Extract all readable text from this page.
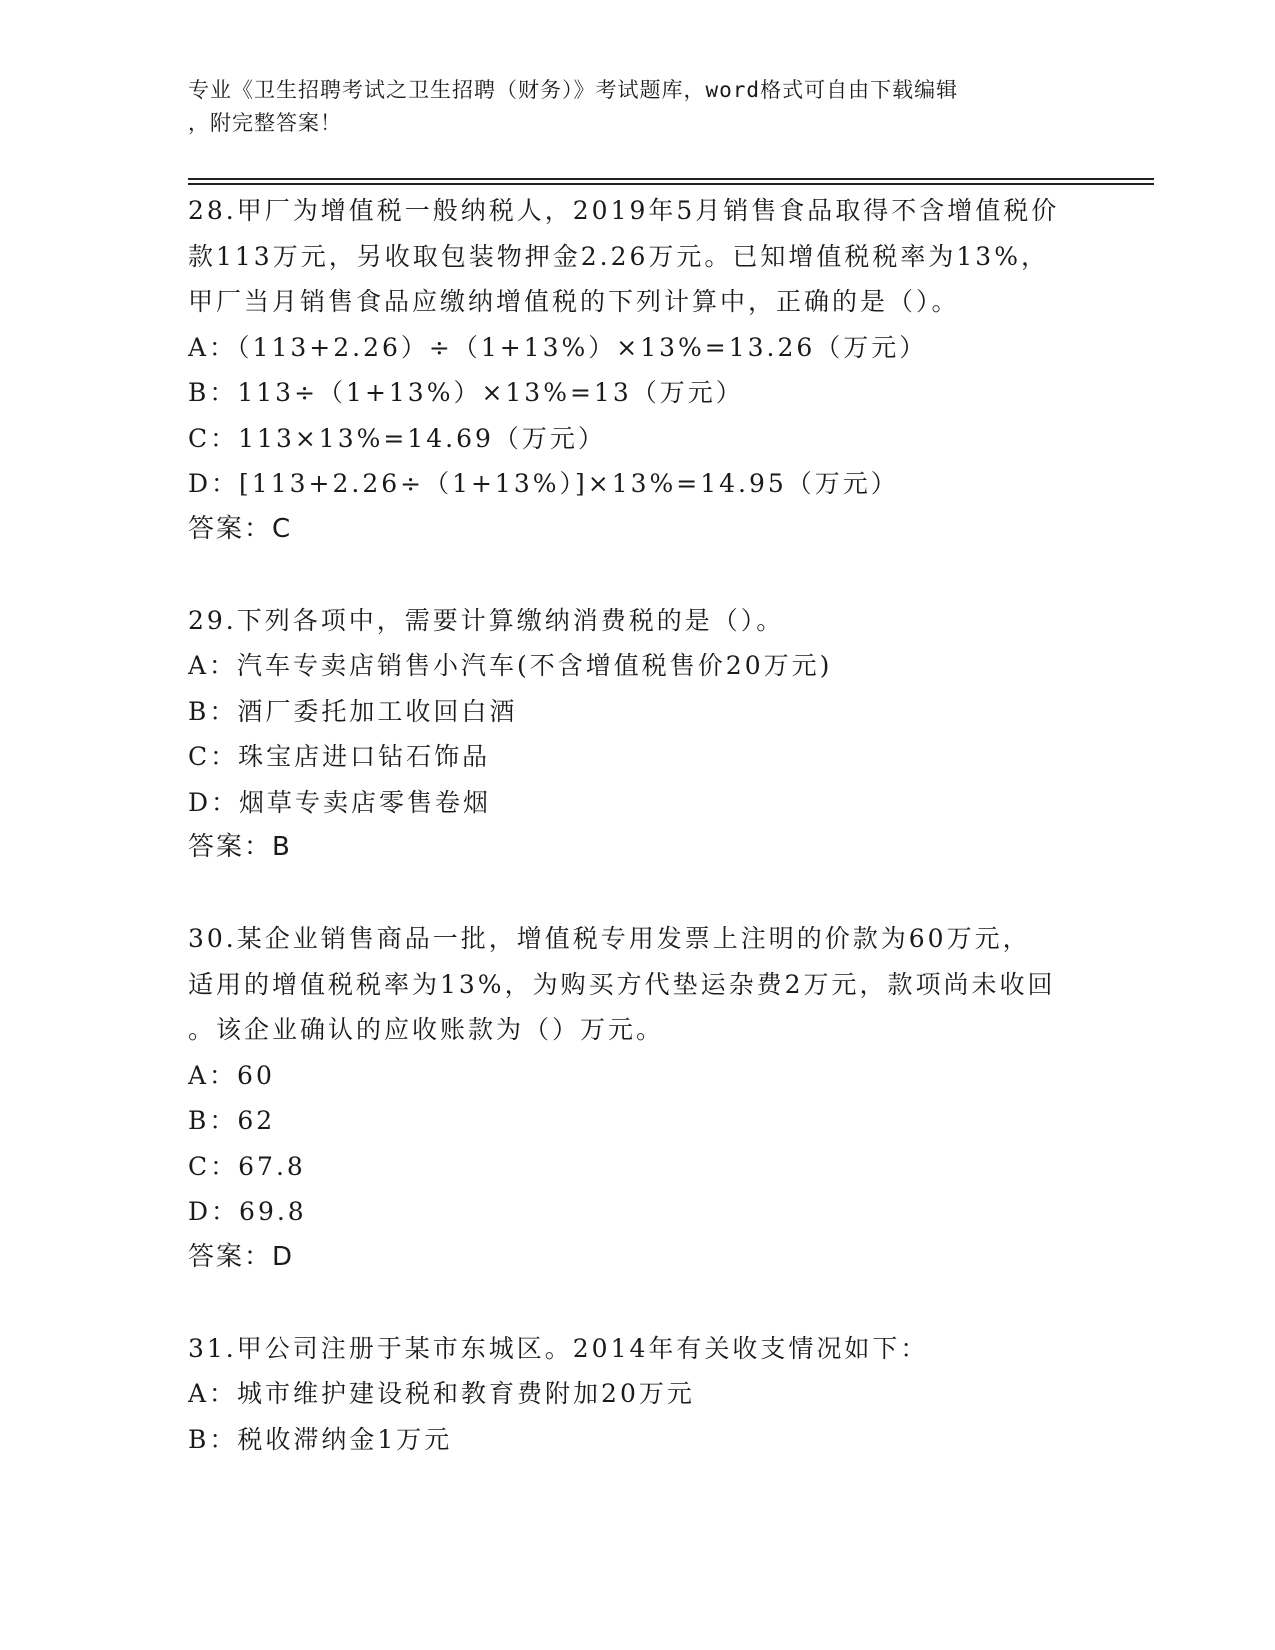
专业《卫生招聘考试之卫生招聘（财务）》考试题库，word格式可自由下载编辑
，附完整答案！
28.甲厂为增值税一般纳税人，2019年5月销售食品取得不含增值税价
款113万元，另收取包装物押金2.26万元。已知增值税税率为13%，
甲厂当月销售食品应缴纳增值税的下列计算中，正确的是（）。
A：（113+2.26）÷（1+13%）×13%=13.26（万元）
B：113÷（1+13%）×13%=13（万元）
C：113×13%=14.69（万元）
D：[113+2.26÷（1+13%）]×13%=14.95（万元）
答案：C
29.下列各项中，需要计算缴纳消费税的是（）。
A：汽车专卖店销售小汽车(不含增值税售价20万元)
B：酒厂委托加工收回白酒
C：珠宝店进口钻石饰品
D：烟草专卖店零售卷烟
答案：B
30.某企业销售商品一批，增值税专用发票上注明的价款为60万元，
适用的增值税税率为13%，为购买方代垫运杂费2万元，款项尚未收回
。该企业确认的应收账款为（）万元。
A：60
B：62
C：67.8
D：69.8
答案：D
31.甲公司注册于某市东城区。2014年有关收支情况如下：
A：城市维护建设税和教育费附加20万元
B：税收滞纳金1万元
